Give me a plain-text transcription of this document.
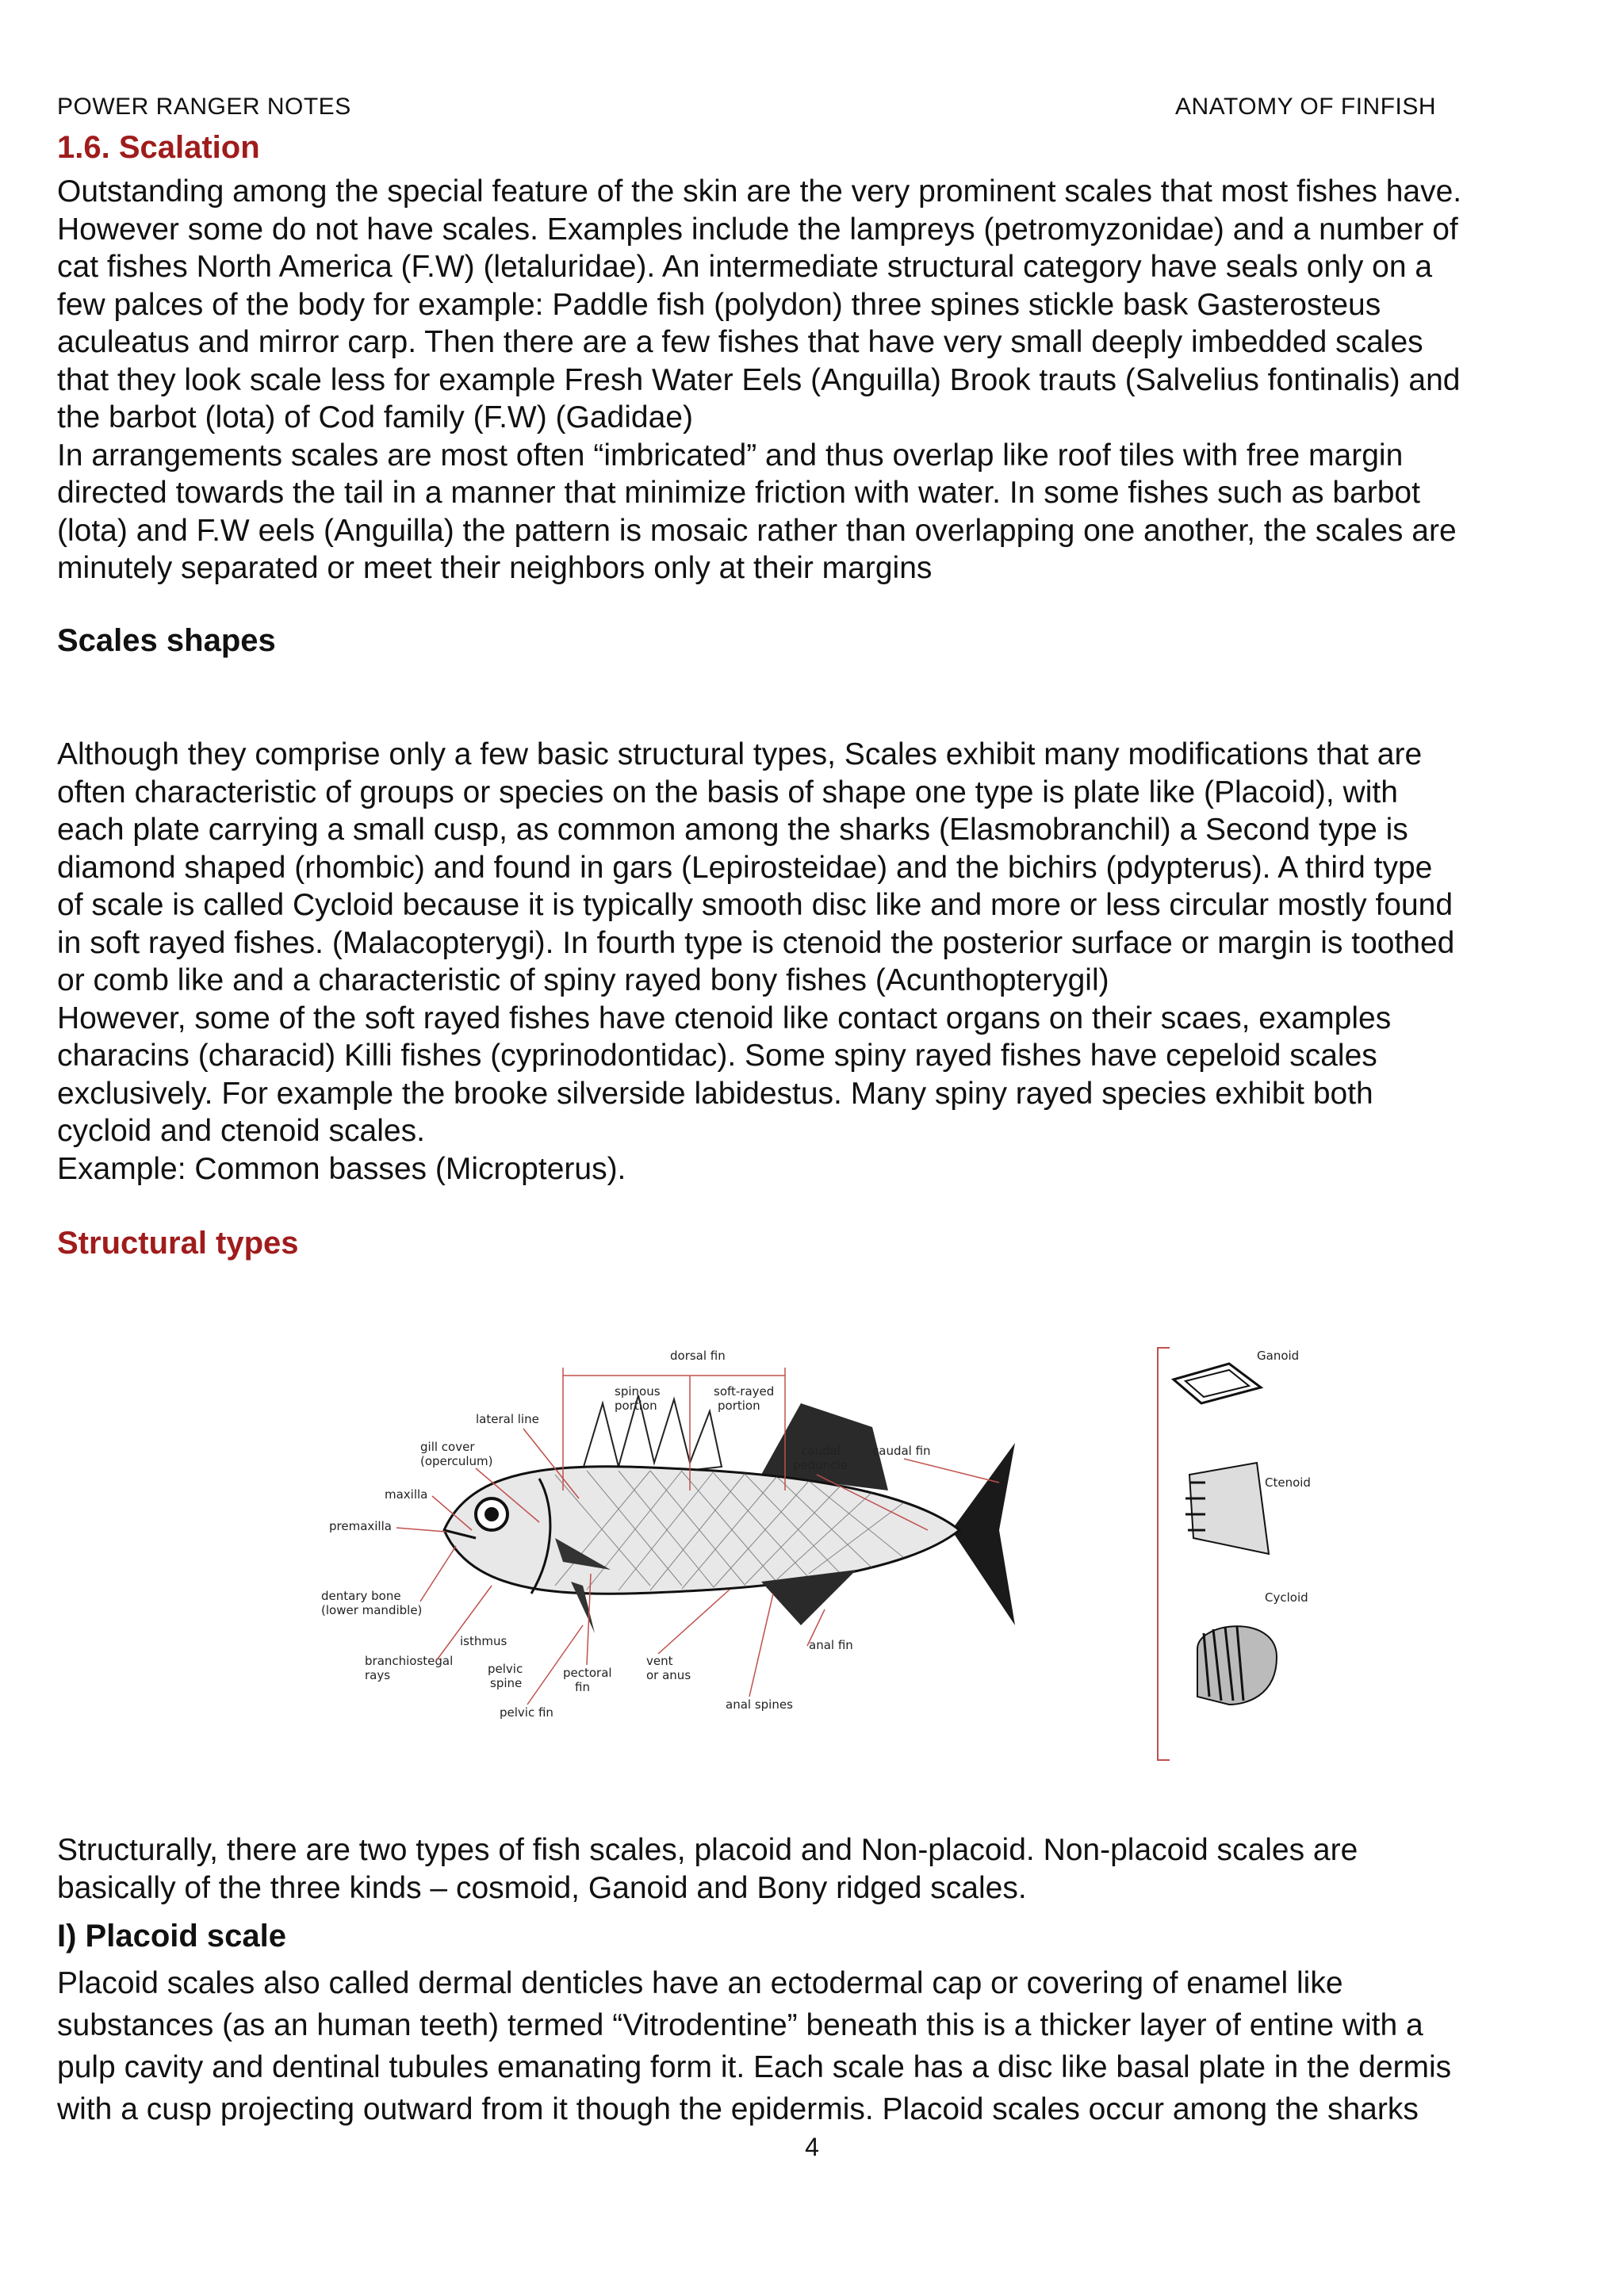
POWER RANGER NOTES	ANATOMY OF FINFISH
1.6. Scalation

Outstanding among the special feature of the skin are the very prominent scales that most fishes have.
However some do not have scales. Examples include the lampreys (petromyzonidae) and a number of
cat fishes North America (F.W) (letaluridae). An intermediate structural category have seals only on a
few palces of the body for example: Paddle fish (polydon) three spines stickle bask Gasterosteus
aculeatus and mirror carp. Then there are a few fishes that have very small deeply imbedded scales
that they look scale less for example Fresh Water Eels (Anguilla) Brook trauts (Salvelius fontinalis) and
the barbot (lota) of Cod family (F.W) (Gadidae)
In arrangements scales are most often “imbricated” and thus overlap like roof tiles with free margin
directed towards the tail in a manner that minimize friction with water. In some fishes such as barbot
(lota) and F.W eels (Anguilla) the pattern is mosaic rather than overlapping one another, the scales are
minutely separated or meet their neighbors only at their margins

Scales shapes

Although they comprise only a few basic structural types, Scales exhibit many modifications that are
often characteristic of groups or species on the basis of shape one type is plate like (Placoid), with
each plate carrying a small cusp, as common among the sharks (Elasmobranchil) a Second type is
diamond shaped (rhombic) and found in gars (Lepirosteidae) and the bichirs (pdypterus). A third type
of scale is called Cycloid because it is typically smooth disc like and more or less circular mostly found
in soft rayed fishes. (Malacopterygi). In fourth type is ctenoid the posterior surface or margin is toothed
or comb like and a characteristic of spiny rayed bony fishes (Acunthopterygil)
However, some of the soft rayed fishes have ctenoid like contact organs on their scaes, examples
characins (characid) Killi fishes (cyprinodontidac). Some spiny rayed fishes have cepeloid scales
exclusively. For example the brooke silverside labidestus. Many spiny rayed species exhibit both
cycloid and ctenoid scales.
Example: Common basses (Micropterus).

Structural types
dorsal fin
spinous
portion
soft-rayed
portion
lateral line
gill cover
(operculum)
maxilla
premaxilla
dentary bone
(lower mandible)
isthmus
branchiostegal
rays	pelvic
spine
pelvic fin
pectoral
fin
vent
or anus
anal spines
anal fin
caudal
peduncle
caudal fin
Ganoid
Ctenoid
Cycloid

Structurally, there are two types of fish scales, placoid and Non-placoid. Non-placoid scales are
basically of the three kinds – cosmoid, Ganoid and Bony ridged scales.

I) Placoid scale

Placoid scales also called dermal denticles have an ectodermal cap or covering of enamel like
substances (as an human teeth) termed “Vitrodentine” beneath this is a thicker layer of entine with a
pulp cavity and dentinal tubules emanating form it. Each scale has a disc like basal plate in the dermis
with a cusp projecting outward from it though the epidermis. Placoid scales occur among the sharks

4
